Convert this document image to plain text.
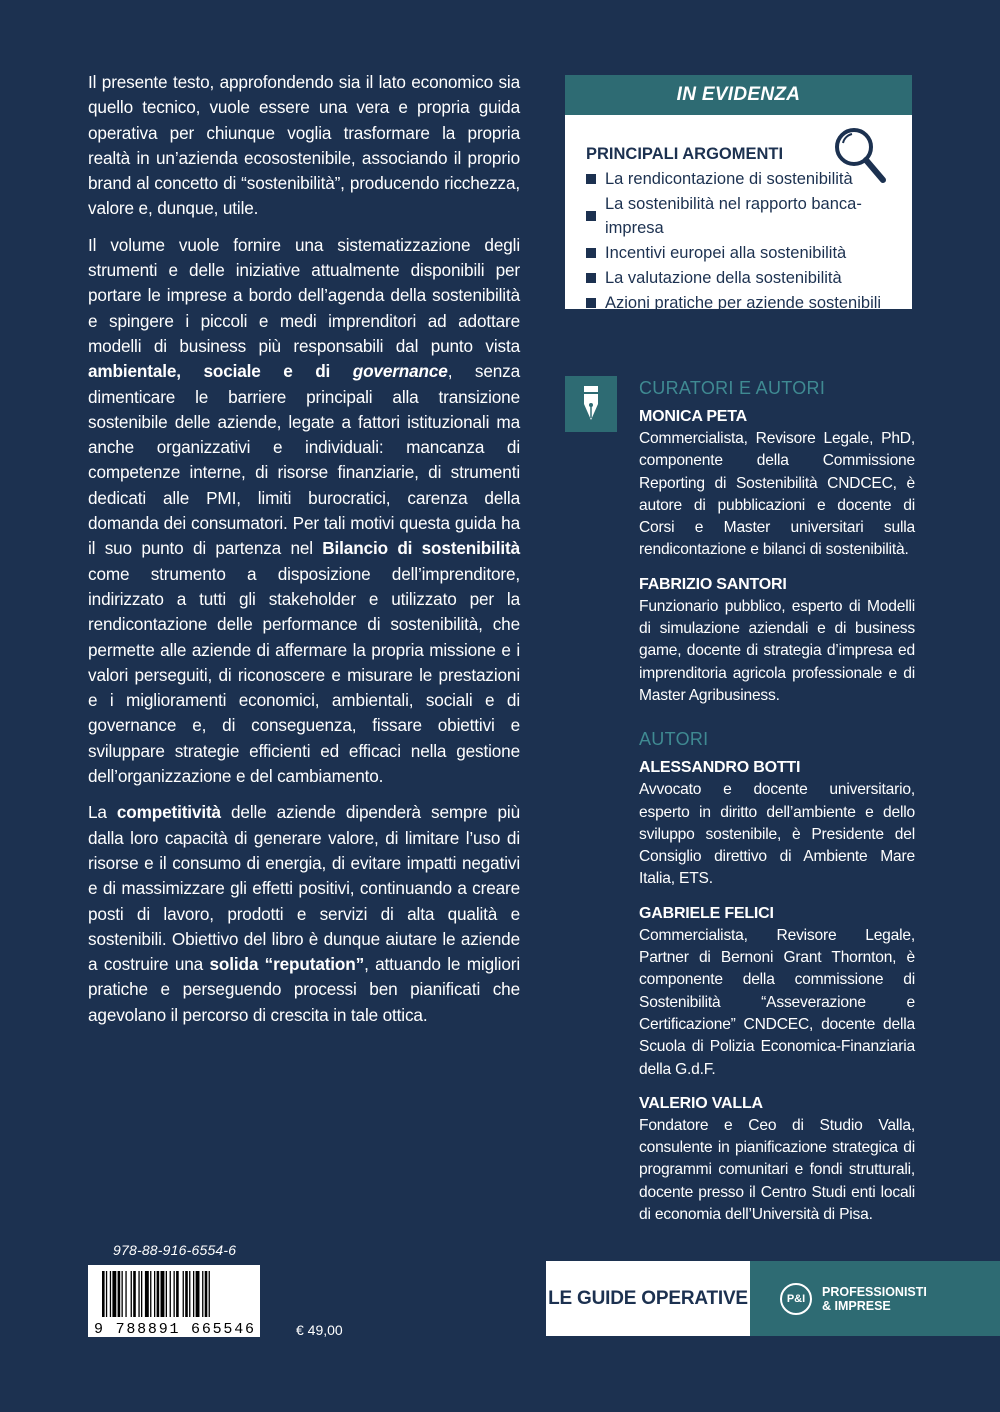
Il presente testo, approfondendo sia il lato economico sia quello tecnico, vuole essere una vera e propria guida operativa per chiunque voglia trasformare la propria realtà in un’azienda ecosostenibile, associando il proprio brand al concetto di “sostenibilità”, producendo ricchezza, valore e, dunque, utile.

Il volume vuole fornire una sistematizzazione degli strumenti e delle iniziative attualmente disponibili per portare le imprese a bordo dell’agenda della sostenibilità e spingere i piccoli e medi imprenditori ad adottare modelli di business più responsabili dal punto vista ambientale, sociale e di governance, senza dimenticare le barriere principali alla transizione sostenibile delle aziende, legate a fattori istituzionali ma anche organizzativi e individuali: mancanza di competenze interne, di risorse finanziarie, di strumenti dedicati alle PMI, limiti burocratici, carenza della domanda dei consumatori. Per tali motivi questa guida ha il suo punto di partenza nel Bilancio di sostenibilità come strumento a disposizione dell’imprenditore, indirizzato a tutti gli stakeholder e utilizzato per la rendicontazione delle performance di sostenibilità, che permette alle aziende di affermare la propria missione e i valori perseguiti, di riconoscere e misurare le prestazioni e i miglioramenti economici, ambientali, sociali e di governance e, di conseguenza, fissare obiettivi e sviluppare strategie efficienti ed efficaci nella gestione dell’organizzazione e del cambiamento.

La competitività delle aziende dipenderà sempre più dalla loro capacità di generare valore, di limitare l’uso di risorse e il consumo di energia, di evitare impatti negativi e di massimizzare gli effetti positivi, continuando a creare posti di lavoro, prodotti e servizi di alta qualità e sostenibili. Obiettivo del libro è dunque aiutare le aziende a costruire una solida “reputation”, attuando le migliori pratiche e perseguendo processi ben pianificati che agevolano il percorso di crescita in tale ottica.

IN EVIDENZA
PRINCIPALI ARGOMENTI
La rendicontazione di sostenibilità
La sostenibilità nel rapporto banca-impresa
Incentivi europei alla sostenibilità
La valutazione della sostenibilità
Azioni pratiche per aziende sostenibili
CURATORI E AUTORI
MONICA PETA
Commercialista, Revisore Legale, PhD, componente della Commissione Reporting di Sostenibilità CNDCEC, è autore di pubblicazioni e docente di Corsi e Master universitari sulla rendicontazione e bilanci di sostenibilità.
FABRIZIO SANTORI
Funzionario pubblico, esperto di Modelli di simulazione aziendali e di business game, docente di strategia d’impresa ed imprenditoria agricola professionale e di Master Agribusiness.
AUTORI
ALESSANDRO BOTTI
Avvocato e docente universitario, esperto in diritto dell’ambiente e dello sviluppo sostenibile, è Presidente del Consiglio direttivo di Ambiente Mare Italia, ETS.
GABRIELE FELICI
Commercialista, Revisore Legale, Partner di Bernoni Grant Thornton, è componente della commissione di Sostenibilità “Asseverazione e Certificazione” CNDCEC, docente della Scuola di Polizia Economica-Finanziaria della G.d.F.
VALERIO VALLA
Fondatore e Ceo di Studio Valla, consulente in pianificazione strategica di programmi comunitari e fondi strutturali, docente presso il Centro Studi enti locali di economia dell’Università di Pisa.
978-88-916-6554-6
9 788891 665546	€ 49,00
LE GUIDE OPERATIVE	P&I	PROFESSIONISTI
& IMPRESE
